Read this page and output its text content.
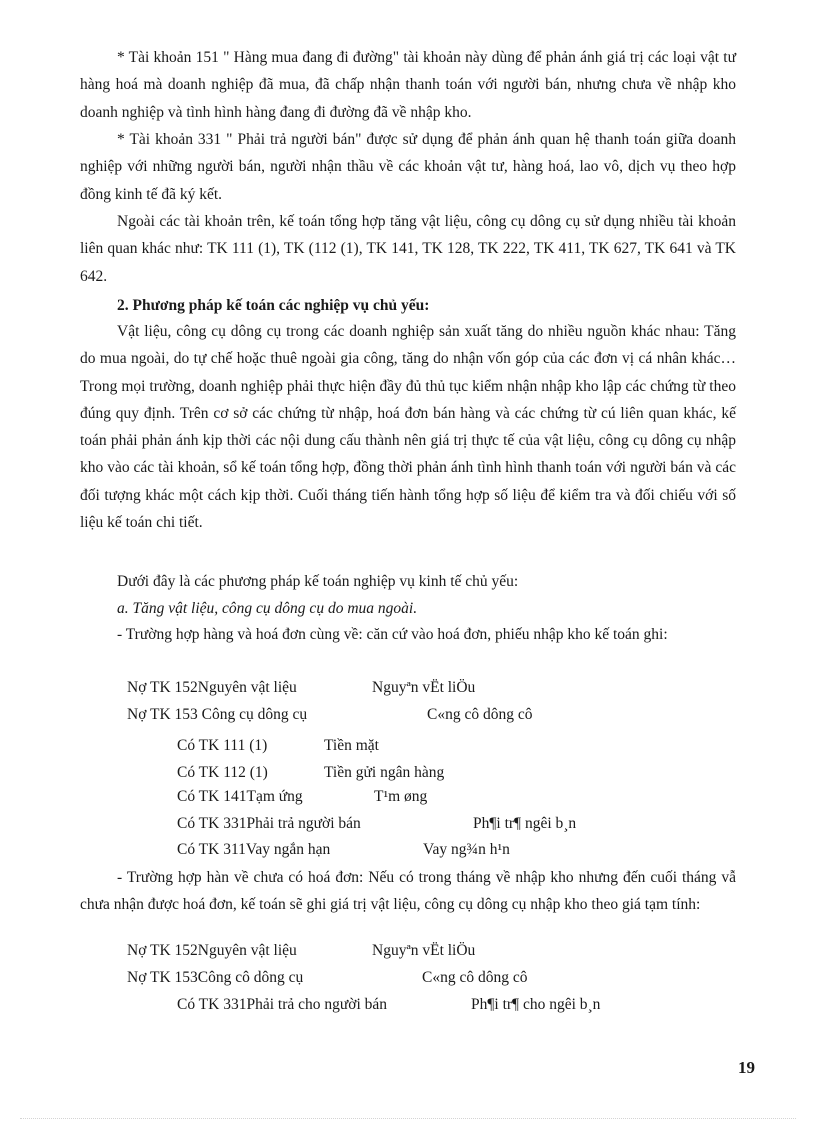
* Tài khoản 151 " Hàng mua đang đi đường" tài khoản này dùng để phản ánh giá trị các loại vật tư hàng hoá mà doanh nghiệp đã mua, đã chấp nhận thanh toán với người bán, nhưng chưa về nhập kho doanh nghiệp và tình hình hàng đang đi đường đã về nhập kho.

* Tài khoản 331 " Phải trả người bán" được sử dụng để phản ánh quan hệ thanh toán giữa doanh nghiệp với những người bán, người nhận thầu về các khoản vật tư, hàng hoá, lao vô, dịch vụ theo hợp đồng kinh tế đã ký kết.

Ngoài các tài khoản trên, kế toán tổng hợp tăng vật liệu, công cụ dông cụ sử dụng nhiều tài khoản liên quan khác như: TK 111 (1), TK (112 (1), TK 141, TK 128, TK 222, TK 411, TK 627, TK 641 và TK 642.

2. Phương pháp kế toán các nghiệp vụ chủ yếu:

Vật liệu, công cụ dông cụ trong các doanh nghiệp sản xuất tăng do nhiều nguồn khác nhau: Tăng do mua ngoài, do tự chế hoặc thuê ngoài gia công, tăng do nhận vốn góp của các đơn vị cá nhân khác… Trong mọi trường, doanh nghiệp phải thực hiện đầy đủ thủ tục kiểm nhận nhập kho lập các chứng từ theo đúng quy định. Trên cơ sở các chứng từ nhập, hoá đơn bán hàng và các chứng từ cú liên quan khác, kế toán phải phản ánh kịp thời các nội dung cấu thành nên giá trị thực tế của vật liệu, công cụ dông cụ nhập kho vào các tài khoản, sổ kế toán tổng hợp, đồng thời phản ánh tình hình thanh toán với người bán và các đối tượng khác một cách kịp thời. Cuối tháng tiến hành tổng hợp số liệu để kiểm tra và đối chiếu với số liệu kế toán chi tiết.

Dưới đây là các phương pháp kế toán nghiệp vụ kinh tế chủ yếu:

a. Tăng vật liệu, công cụ dông cụ do mua ngoài.

- Trường hợp hàng và hoá đơn cùng về: căn cứ vào hoá đơn, phiếu nhập kho kế toán ghi:

Nợ TK 152Nguyên vật liệu	Nguyªn vËt liÖu
Nợ TK 153 Công cụ dông cụ	C«ng cô dông cô
Có TK 111 (1)	Tiền mặt
Có TK 112 (1)	Tiền gửi ngân hàng
Có TK 141Tạm ứng	T¹m øng
Có TK 331Phải trả người bán	Ph¶i tr¶ ngêi b¸n
Có TK 311Vay ngắn hạn	Vay ng¾n h¹n

- Trường hợp hàn về chưa có hoá đơn: Nếu có trong tháng về nhập kho nhưng đến cuối tháng vẫ chưa nhận được hoá đơn, kế toán sẽ ghi giá trị vật liệu, công cụ dông cụ nhập kho theo giá tạm tính:

Nợ TK 152Nguyên vật liệu	Nguyªn vËt liÖu
Nợ TK 153Công cô dông cụ	C«ng cô dông cô
Có TK 331Phải trả cho người bán	Ph¶i tr¶ cho ngêi b¸n
19
